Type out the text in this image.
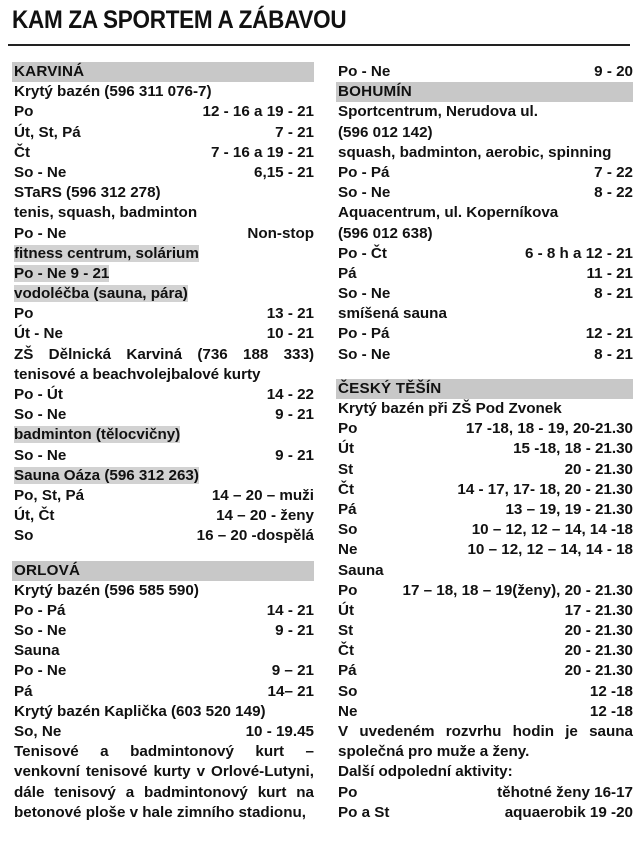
KAM ZA SPORTEM A ZÁBAVOU
KARVINÁ
Krytý bazén (596 311 076-7)
Po	12 - 16 a 19 - 21
Út, St, Pá	7 - 21
Čt	7 - 16 a 19 - 21
So - Ne	6,15 - 21
STaRS (596 312 278)
tenis, squash, badminton
Po - Ne	Non-stop
fitness centrum, solárium
Po - Ne 9 - 21
vodoléčba (sauna, pára)
Po	13 - 21
Út - Ne	10 - 21
ZŠ Dělnická Karviná (736 188 333) tenisové a beachvolejbalové kurty
Po - Út	14 - 22
So - Ne	9 - 21
badminton (tělocvičny)
So - Ne	9 - 21
Sauna Oáza (596 312 263)
Po, St, Pá	14 – 20 – muži
Út, Čt	14 – 20 - ženy
So	16 – 20 -dospělá
ORLOVÁ
Krytý bazén (596 585 590)
Po - Pá	14 - 21
So - Ne	9 - 21
Sauna
Po - Ne	9 – 21
Pá	14– 21
Krytý bazén Kaplička (603 520 149)
So, Ne	10 - 19.45
Tenisové a badmintonový kurt – venkovní tenisové kurty v Orlové-Lutyni, dále tenisový a badmintonový kurt na betonové ploše v hale zimního stadionu,
Po - Ne	9 - 20
BOHUMÍN
Sportcentrum, Nerudova ul.
(596 012 142)
squash, badminton, aerobic, spinning
Po - Pá	7 - 22
So - Ne	8 - 22
Aquacentrum, ul. Koperníkova
(596 012 638)
Po - Čt	6 - 8 h a 12 - 21
Pá	11 - 21
So - Ne	8 - 21
smíšená sauna
Po - Pá	12 - 21
So - Ne	8 - 21
ČESKÝ TĚŠÍN
Krytý bazén při ZŠ Pod Zvonek
Po	17 -18, 18 - 19, 20-21.30
Út	15 -18, 18 - 21.30
St	20 - 21.30
Čt	14 - 17, 17- 18, 20 - 21.30
Pá	13 – 19, 19 - 21.30
So	10 – 12, 12 – 14, 14 -18
Ne	10 – 12, 12 – 14, 14 - 18
Sauna
Po	17 – 18, 18 – 19(ženy), 20 - 21.30
Út	17 - 21.30
St	20 - 21.30
Čt	20 - 21.30
Pá	20 - 21.30
So	12 -18
Ne	12 -18
V uvedeném rozvrhu hodin je sauna společná pro muže a ženy.
Další odpolední aktivity:
Po	těhotné ženy 16-17
Po a St	aquaerobik 19 -20
